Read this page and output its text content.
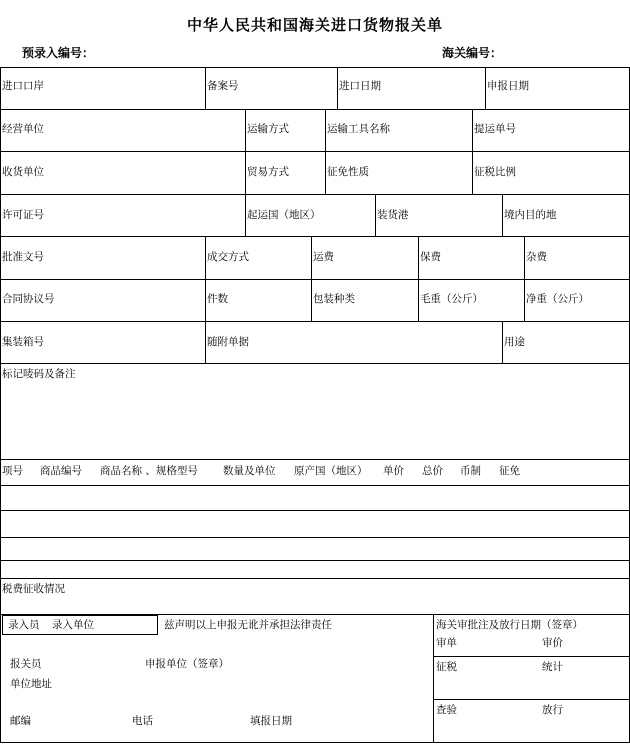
中华人民共和国海关进口货物报关单
预录入编号：	海关编号：
进口口岸	备案号	进口日期	申报日期
经营单位	运输方式	运输工具名称	提运单号
收货单位	贸易方式	征免性质	征税比例
许可证号	起运国（地区）	装货港	境内目的地
批准文号	成交方式	运费	保费	杂费
合同协议号	件数	包装种类	毛重（公斤）	净重（公斤）
集装箱号	随附单据	用途
标记唛码及备注
项号 商品编号 商品名称 、规格型号 数量及单位 原产国（地区） 单价 总价 币制 征免
税费征收情况
录入员 录入单位	兹声明以上申报无讹并承担法律责任
报关员	申报单位（签章）
单位地址
邮编	电话	填报日期
海关审批注及放行日期（签章）
审单	审价
征税	统计
查验	放行
